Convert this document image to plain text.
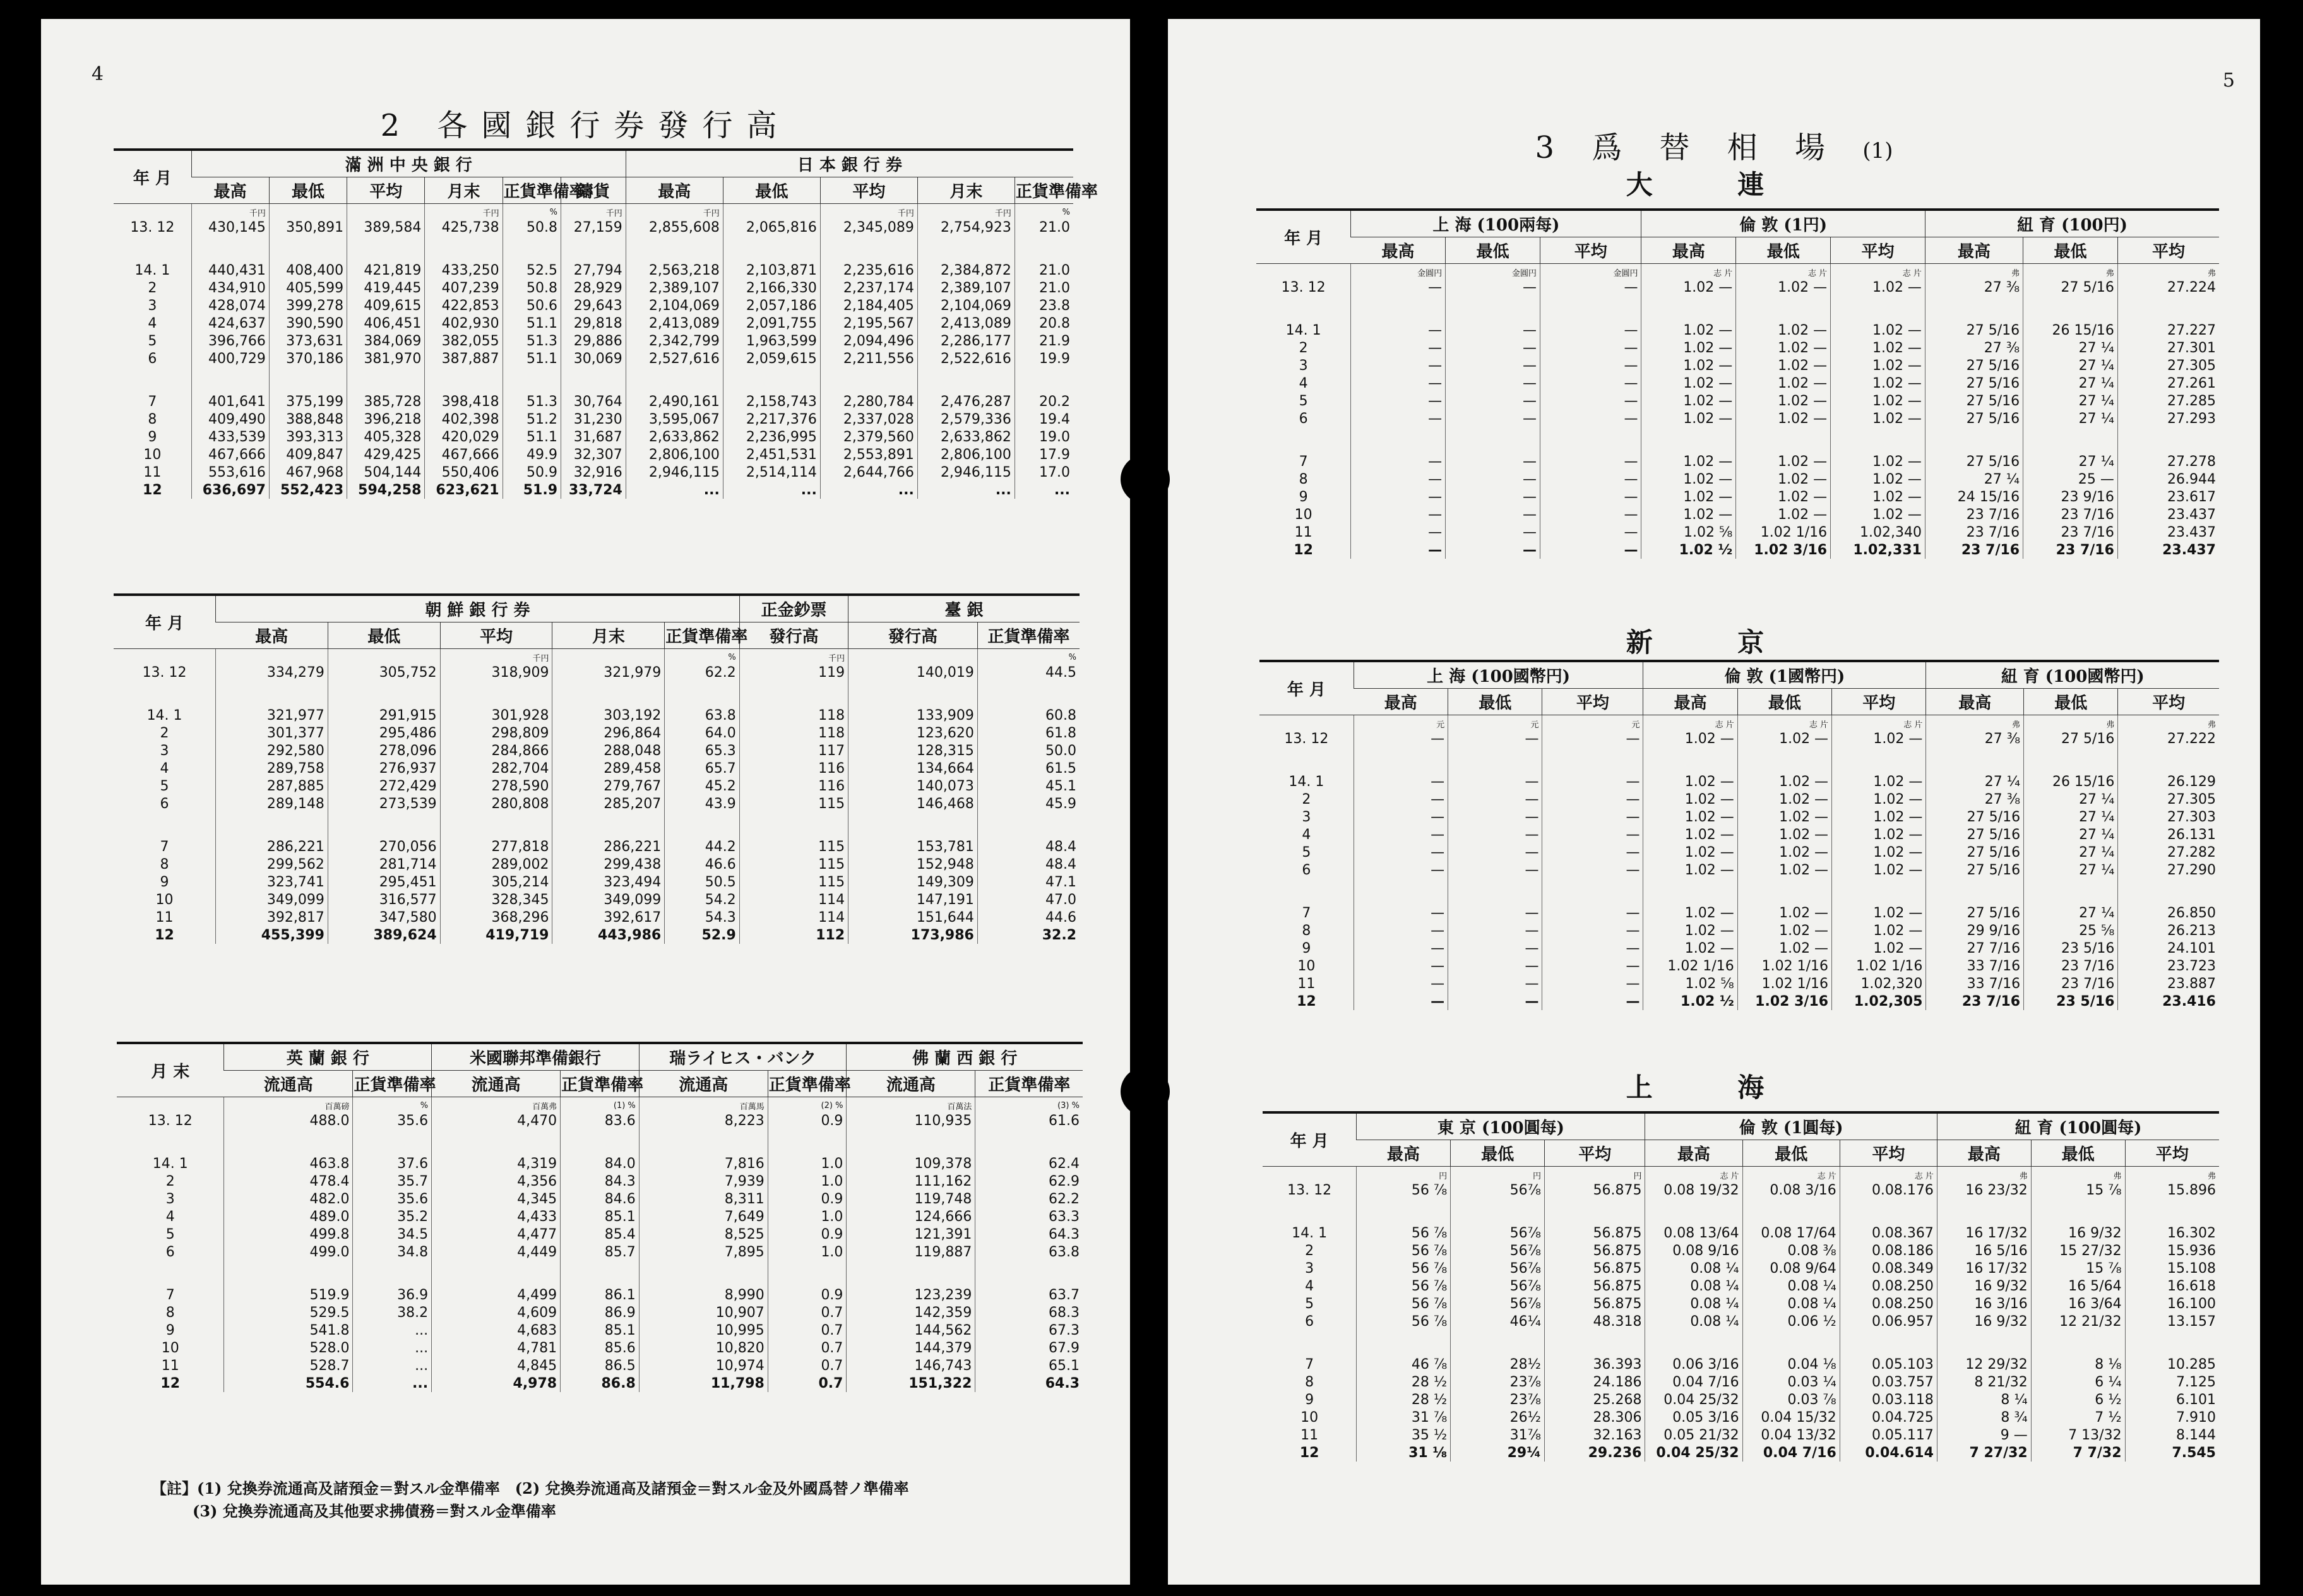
4
2 各國銀行券發行高
年 月	滿 洲 中 央 銀 行						日 本 銀 行 券				
	最高	最低	平均	月末	正貨準備率	鑄貨	最高	最低	平均	月末	正貨準備率
	千円			千円	%	千円	千円		千円	千円	%
13. 12	430,145	350,891	389,584	425,738	50.8	27,159	2,855,608	2,065,816	2,345,089	2,754,923	21.0

14. 1	440,431	408,400	421,819	433,250	52.5	27,794	2,563,218	2,103,871	2,235,616	2,384,872	21.0
2	434,910	405,599	419,445	407,239	50.8	28,929	2,389,107	2,166,330	2,237,174	2,389,107	21.0
3	428,074	399,278	409,615	422,853	50.6	29,643	2,104,069	2,057,186	2,184,405	2,104,069	23.8
4	424,637	390,590	406,451	402,930	51.1	29,818	2,413,089	2,091,755	2,195,567	2,413,089	20.8
5	396,766	373,631	384,069	382,055	51.3	29,886	2,342,799	1,963,599	2,094,496	2,286,177	21.9
6	400,729	370,186	381,970	387,887	51.1	30,069	2,527,616	2,059,615	2,211,556	2,522,616	19.9

7	401,641	375,199	385,728	398,418	51.3	30,764	2,490,161	2,158,743	2,280,784	2,476,287	20.2
8	409,490	388,848	396,218	402,398	51.2	31,230	3,595,067	2,217,376	2,337,028	2,579,336	19.4
9	433,539	393,313	405,328	420,029	51.1	31,687	2,633,862	2,236,995	2,379,560	2,633,862	19.0
10	467,666	409,847	429,425	467,666	49.9	32,307	2,806,100	2,451,531	2,553,891	2,806,100	17.9
11	553,616	467,968	504,144	550,406	50.9	32,916	2,946,115	2,514,114	2,644,766	2,946,115	17.0
12	636,697	552,423	594,258	623,621	51.9	33,724	...	...	...	...	...
年 月	朝 鮮 銀 行 券					正金鈔票	臺 銀	
	最高	最低	平均	月末	正貨準備率	發行高	發行高	正貨準備率
			千円		%	千円		%
13. 12	334,279	305,752	318,909	321,979	62.2	119	140,019	44.5

14. 1	321,977	291,915	301,928	303,192	63.8	118	133,909	60.8
2	301,377	295,486	298,809	296,864	64.0	118	123,620	61.8
3	292,580	278,096	284,866	288,048	65.3	117	128,315	50.0
4	289,758	276,937	282,704	289,458	65.7	116	134,664	61.5
5	287,885	272,429	278,590	279,767	45.2	116	140,073	45.1
6	289,148	273,539	280,808	285,207	43.9	115	146,468	45.9

7	286,221	270,056	277,818	286,221	44.2	115	153,781	48.4
8	299,562	281,714	289,002	299,438	46.6	115	152,948	48.4
9	323,741	295,451	305,214	323,494	50.5	115	149,309	47.1
10	349,099	316,577	328,345	349,099	54.2	114	147,191	47.0
11	392,817	347,580	368,296	392,617	54.3	114	151,644	44.6
12	455,399	389,624	419,719	443,986	52.9	112	173,986	32.2
月 末	英 蘭 銀 行		米國聯邦準備銀行		瑞ライヒス・バンク		佛 蘭 西 銀 行	
	流通高	正貨準備率	流通高	正貨準備率	流通高	正貨準備率	流通高	正貨準備率
	百萬磅	%	百萬弗	(1) %	百萬馬	(2) %	百萬法	(3) %
13. 12	488.0	35.6	4,470	83.6	8,223	0.9	110,935	61.6

14. 1	463.8	37.6	4,319	84.0	7,816	1.0	109,378	62.4
2	478.4	35.7	4,356	84.3	7,939	1.0	111,162	62.9
3	482.0	35.6	4,345	84.6	8,311	0.9	119,748	62.2
4	489.0	35.2	4,433	85.1	7,649	1.0	124,666	63.3
5	499.8	34.5	4,477	85.4	8,525	0.9	121,391	64.3
6	499.0	34.8	4,449	85.7	7,895	1.0	119,887	63.8

7	519.9	36.9	4,499	86.1	8,990	0.9	123,239	63.7
8	529.5	38.2	4,609	86.9	10,907	0.7	142,359	68.3
9	541.8	...	4,683	85.1	10,995	0.7	144,562	67.3
10	528.0	...	4,781	85.6	10,820	0.7	144,379	67.9
11	528.7	...	4,845	86.5	10,974	0.7	146,743	65.1
12	554.6	...	4,978	86.8	11,798	0.7	151,322	64.3
【註】(1) 兌換券流通高及諸預金＝對スル金準備率　(2) 兌換券流通高及諸預金＝對スル金及外國爲替ノ準備率
(3) 兌換券流通高及其他要求拂債務＝對スル金準備率
5
3 爲 替 相 場 (1)
大 連
年 月	上 海 (100兩每)			倫 敦 (1円)			紐 育 (100円)		
	最高	最低	平均	最高	最低	平均	最高	最低	平均
	金圓円	金圓円	金圓円	志 片	志 片	志 片	弗	弗	弗
13. 12	—	—	—	1.02 —	1.02 —	1.02 —	27 ⅜	27 5/16	27.224

14. 1	—	—	—	1.02 —	1.02 —	1.02 —	27 5/16	26 15/16	27.227
2	—	—	—	1.02 —	1.02 —	1.02 —	27 ⅜	27 ¼	27.301
3	—	—	—	1.02 —	1.02 —	1.02 —	27 5/16	27 ¼	27.305
4	—	—	—	1.02 —	1.02 —	1.02 —	27 5/16	27 ¼	27.261
5	—	—	—	1.02 —	1.02 —	1.02 —	27 5/16	27 ¼	27.285
6	—	—	—	1.02 —	1.02 —	1.02 —	27 5/16	27 ¼	27.293

7	—	—	—	1.02 —	1.02 —	1.02 —	27 5/16	27 ¼	27.278
8	—	—	—	1.02 —	1.02 —	1.02 —	27 ¼	25 —	26.944
9	—	—	—	1.02 —	1.02 —	1.02 —	24 15/16	23 9/16	23.617
10	—	—	—	1.02 —	1.02 —	1.02 —	23 7/16	23 7/16	23.437
11	—	—	—	1.02 ⅝	1.02 1/16	1.02,340	23 7/16	23 7/16	23.437
12	—	—	—	1.02 ½	1.02 3/16	1.02,331	23 7/16	23 7/16	23.437
新 京
年 月	上 海 (100國幣円)			倫 敦 (1國幣円)			紐 育 (100國幣円)		
	最高	最低	平均	最高	最低	平均	最高	最低	平均
	元	元	元	志 片	志 片	志 片	弗	弗	弗
13. 12	—	—	—	1.02 —	1.02 —	1.02 —	27 ⅜	27 5/16	27.222

14. 1	—	—	—	1.02 —	1.02 —	1.02 —	27 ¼	26 15/16	26.129
2	—	—	—	1.02 —	1.02 —	1.02 —	27 ⅜	27 ¼	27.305
3	—	—	—	1.02 —	1.02 —	1.02 —	27 5/16	27 ¼	27.303
4	—	—	—	1.02 —	1.02 —	1.02 —	27 5/16	27 ¼	26.131
5	—	—	—	1.02 —	1.02 —	1.02 —	27 5/16	27 ¼	27.282
6	—	—	—	1.02 —	1.02 —	1.02 —	27 5/16	27 ¼	27.290

7	—	—	—	1.02 —	1.02 —	1.02 —	27 5/16	27 ¼	26.850
8	—	—	—	1.02 —	1.02 —	1.02 —	29 9/16	25 ⅝	26.213
9	—	—	—	1.02 —	1.02 —	1.02 —	27 7/16	23 5/16	24.101
10	—	—	—	1.02 1/16	1.02 1/16	1.02 1/16	33 7/16	23 7/16	23.723
11	—	—	—	1.02 ⅝	1.02 1/16	1.02,320	33 7/16	23 7/16	23.887
12	—	—	—	1.02 ½	1.02 3/16	1.02,305	23 7/16	23 5/16	23.416
上 海
年 月	東 京 (100圓每)			倫 敦 (1圓每)			紐 育 (100圓每)		
	最高	最低	平均	最高	最低	平均	最高	最低	平均
	円	円	円	志 片	志 片	志 片	弗	弗	弗
13. 12	56 ⅞	56⅞	56.875	0.08 19/32	0.08 3/16	0.08.176	16 23/32	15 ⅞	15.896

14. 1	56 ⅞	56⅞	56.875	0.08 13/64	0.08 17/64	0.08.367	16 17/32	16 9/32	16.302
2	56 ⅞	56⅞	56.875	0.08 9/16	0.08 ⅜	0.08.186	16 5/16	15 27/32	15.936
3	56 ⅞	56⅞	56.875	0.08 ¼	0.08 9/64	0.08.349	16 17/32	15 ⅞	15.108
4	56 ⅞	56⅞	56.875	0.08 ¼	0.08 ¼	0.08.250	16 9/32	16 5/64	16.618
5	56 ⅞	56⅞	56.875	0.08 ¼	0.08 ¼	0.08.250	16 3/16	16 3/64	16.100
6	56 ⅞	46¼	48.318	0.08 ¼	0.06 ½	0.06.957	16 9/32	12 21/32	13.157

7	46 ⅞	28½	36.393	0.06 3/16	0.04 ⅛	0.05.103	12 29/32	8 ⅛	10.285
8	28 ½	23⅞	24.186	0.04 7/16	0.03 ¼	0.03.757	8 21/32	6 ¼	7.125
9	28 ½	23⅞	25.268	0.04 25/32	0.03 ⅞	0.03.118	8 ¼	6 ½	6.101
10	31 ⅞	26½	28.306	0.05 3/16	0.04 15/32	0.04.725	8 ¾	7 ½	7.910
11	35 ½	31⅞	32.163	0.05 21/32	0.04 13/32	0.05.117	9 —	7 13/32	8.144
12	31 ⅛	29¼	29.236	0.04 25/32	0.04 7/16	0.04.614	7 27/32	7 7/32	7.545
